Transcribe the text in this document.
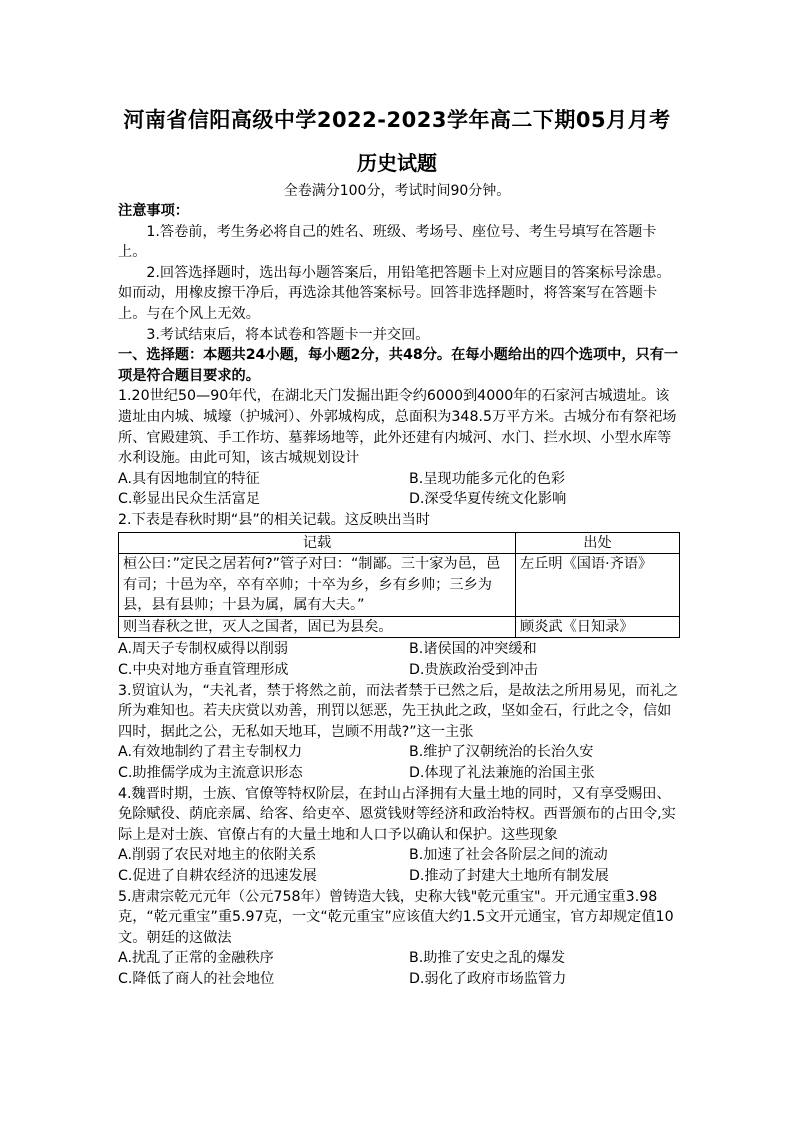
河南省信阳高级中学2022-2023学年高二下期05月月考
历史试题
全卷满分100分，考试时间90分钟。

注意事项：

1.答卷前，考生务必将自己的姓名、班级、考场号、座位号、考生号填写在答题卡上。

2.回答选择题时，选出每小题答案后，用铅笔把答题卡上对应题目的答案标号涂患。如而动，用橡皮擦干净后，再选涂其他答案标号。回答非选择题时，将答案写在答题卡上。与在个风上无效。

3.考试结束后，将本试卷和答题卡一并交回。

一、选择题：本题共24小题，每小题2分，共48分。在每小题给出的四个选项中，只有一项是符合题目要求的。

1.20世纪50—90年代，在湖北天门发掘出距令约6000到4000年的石家河古城遗址。该遗址由内城、城壕（护城河）、外郭城构成，总面积为348.5万平方米。古城分布有祭祀场所、官殿建筑、手工作坊、墓葬场地等，此外还建有内城河、水门、拦水坝、小型水库等水利设施。由此可知，该古城规划设计

A.具有因地制宜的特征	B.呈现功能多元化的色彩
C.彰显出民众生活富足	D.深受华夏传统文化影响

2.下表是春秋时期“县”的相关记载。这反映出当时

记载	出处
桓公曰：”定民之居若何?”管子对曰：“制鄙。三十家为邑，邑有司；十邑为卒，卒有卒帅；十卒为乡，乡有乡帅；三乡为县，县有县帅；十县为属，属有大夫。”	左丘明《国语·齐语》
则当春秋之世，灭人之国者，固已为县矣。	顾炎武《日知录》
A.周天子专制权威得以削弱	B.诸侯国的冲突缓和
C.中央对地方垂直管理形成	D.贵族政治受到冲击

3.贸谊认为，“夫礼者，禁于将然之前，而法者禁于已然之后，是故法之所用易见，而礼之所为难知也。若夫庆赏以劝善，刑罚以惩恶，先王执此之政，坚如金石，行此之令，信如四时，据此之公，无私如天地耳，岂顾不用哉?”这一主张

A.有效地制约了君主专制权力	B.维护了汉朝统治的长治久安
C.助推儒学成为主流意识形态	D.体现了礼法兼施的治国主张

4.魏晋时期，士族、官僚等特权阶层，在封山占泽拥有大量土地的同时，又有享受赐田、免除赋役、荫庇亲属、给客、给吏卒、恩赏钱财等经济和政治特权。西晋颁布的占田令,实际上是对士族、官僚占有的大量土地和人口予以确认和保护。这些现象

A.削弱了农民对地主的依附关系	B.加速了社会各阶层之间的流动
C.促进了自耕农经济的迅速发展	D.推动了封建大土地所有制发展

5.唐肃宗乾元元年（公元758年）曾铸造大钱，史称大钱"乾元重宝"。开元通宝重3.98克，“乾元重宝”重5.97克，一文“乾元重宝”应该值大约1.5文开元通宝，官方却规定值10文。朝廷的这做法

A.扰乱了正常的金融秩序	B.助推了安史之乱的爆发
C.降低了商人的社会地位	D.弱化了政府市场监管力
